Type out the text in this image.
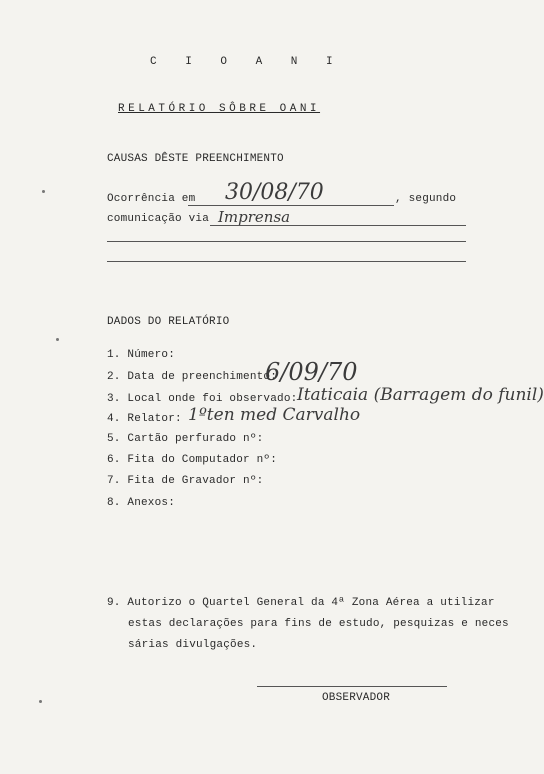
C I O A N I
RELATÓRIO SÔBRE OANI
CAUSAS DÊSTE PREENCHIMENTO
Ocorrência em 30/08/70	, segundo
comunicação via Imprensa
DADOS DO RELATÓRIO
1. Número:
2. Data de preenchimento:
6/09/70
3. Local onde foi observado: Itaticaia (Barragem do funil)
4. Relator: 1ºten med Carvalho
5. Cartão perfurado nº:
6. Fita do Computador nº:
7. Fita de Gravador nº:
8. Anexos:
9. Autorizo o Quartel General da 4ª Zona Aérea a utilizar
estas declarações para fins de estudo, pesquizas e neces
sárias divulgações.
OBSERVADOR
